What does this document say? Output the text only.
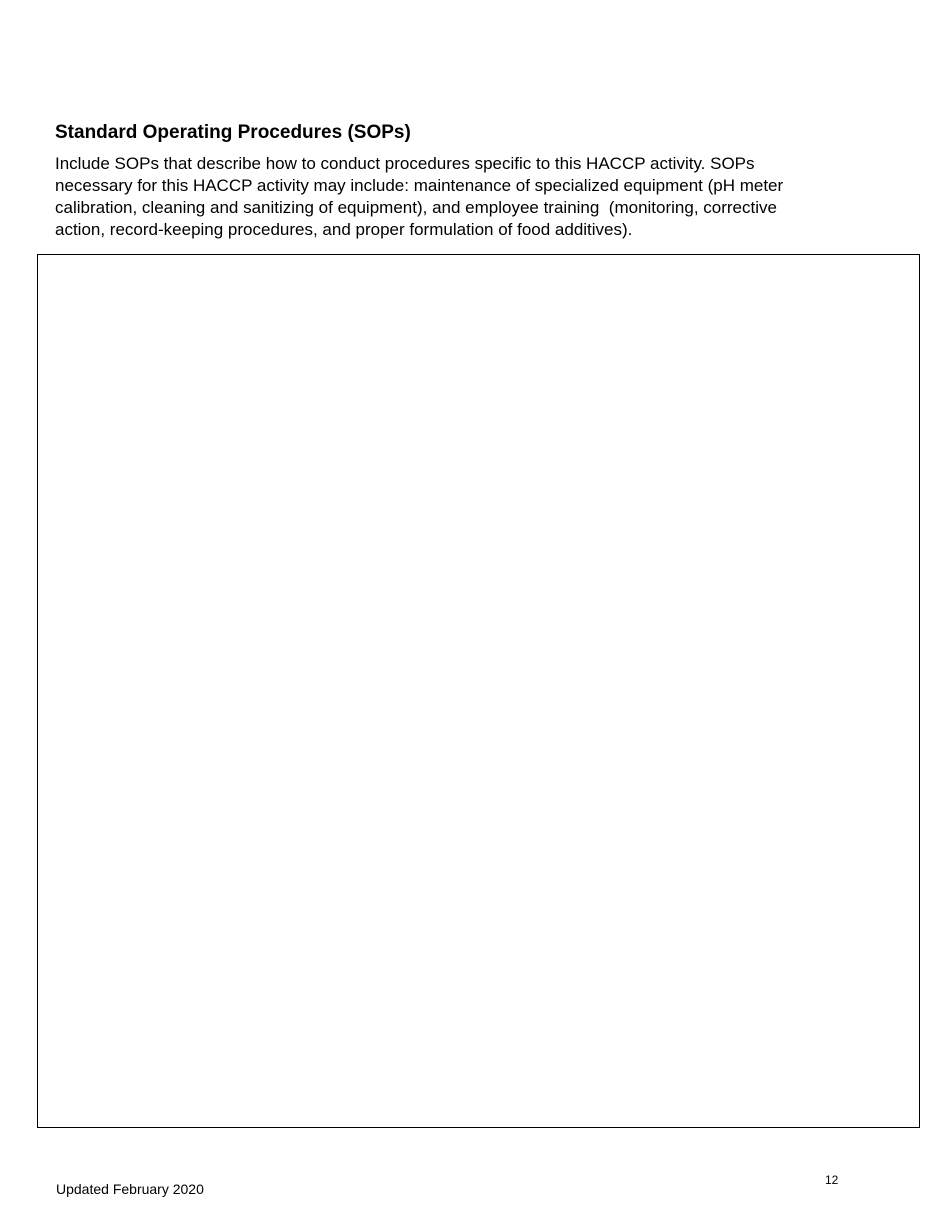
Standard Operating Procedures (SOPs)

Include SOPs that describe how to conduct procedures specific to this HACCP activity. SOPs
necessary for this HACCP activity may include: maintenance of specialized equipment (pH meter
calibration, cleaning and sanitizing of equipment), and employee training  (monitoring, corrective
action, record-keeping procedures, and proper formulation of food additives).

Updated February 2020
12
